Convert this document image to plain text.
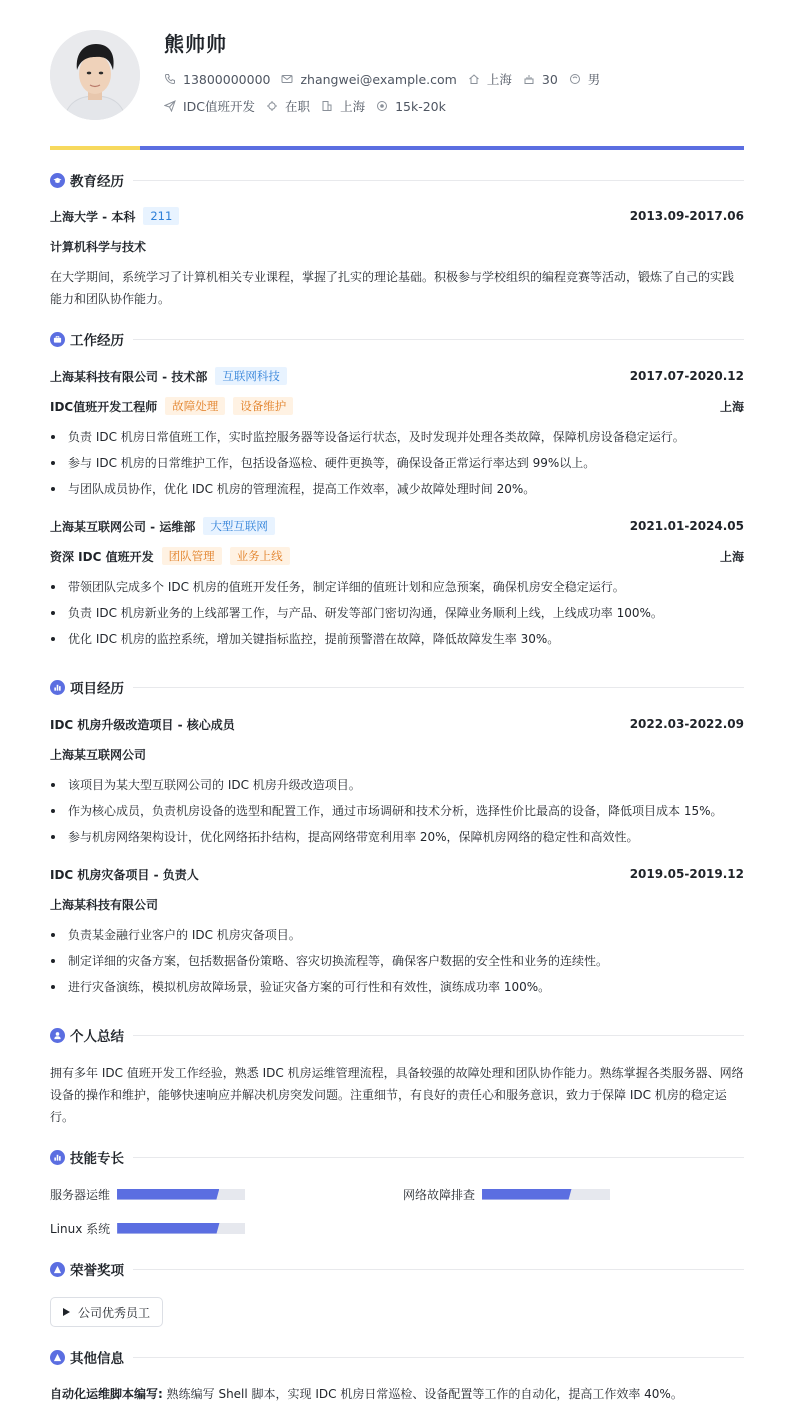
熊帅帅
13800000000 zhangwei@example.com 上海 30 男
IDC值班开发 在职 上海 15k-20k
教育经历
上海大学 - 本科	211	2013.09-2017.06
计算机科学与技术
在大学期间，系统学习了计算机相关专业课程，掌握了扎实的理论基础。积极参与学校组织的编程竞赛等活动，锻炼了自己的实践能力和团队协作能力。
工作经历
上海某科技有限公司 - 技术部	互联网科技	2017.07-2020.12
IDC值班开发工程师	故障处理	设备维护	上海
负责 IDC 机房日常值班工作，实时监控服务器等设备运行状态，及时发现并处理各类故障，保障机房设备稳定运行。
参与 IDC 机房的日常维护工作，包括设备巡检、硬件更换等，确保设备正常运行率达到 99%以上。
与团队成员协作，优化 IDC 机房的管理流程，提高工作效率，减少故障处理时间 20%。
上海某互联网公司 - 运维部	大型互联网	2021.01-2024.05
资深 IDC 值班开发	团队管理	业务上线	上海
带领团队完成多个 IDC 机房的值班开发任务，制定详细的值班计划和应急预案，确保机房安全稳定运行。
负责 IDC 机房新业务的上线部署工作，与产品、研发等部门密切沟通，保障业务顺利上线，上线成功率 100%。
优化 IDC 机房的监控系统，增加关键指标监控，提前预警潜在故障，降低故障发生率 30%。
项目经历
IDC 机房升级改造项目 - 核心成员	2022.03-2022.09
上海某互联网公司
该项目为某大型互联网公司的 IDC 机房升级改造项目。
作为核心成员，负责机房设备的选型和配置工作，通过市场调研和技术分析，选择性价比最高的设备，降低项目成本 15%。
参与机房网络架构设计，优化网络拓扑结构，提高网络带宽利用率 20%，保障机房网络的稳定性和高效性。
IDC 机房灾备项目 - 负责人	2019.05-2019.12
上海某科技有限公司
负责某金融行业客户的 IDC 机房灾备项目。
制定详细的灾备方案，包括数据备份策略、容灾切换流程等，确保客户数据的安全性和业务的连续性。
进行灾备演练，模拟机房故障场景，验证灾备方案的可行性和有效性，演练成功率 100%。
个人总结
拥有多年 IDC 值班开发工作经验，熟悉 IDC 机房运维管理流程，具备较强的故障处理和团队协作能力。熟练掌握各类服务器、网络设备的操作和维护，能够快速响应并解决机房突发问题。注重细节，有良好的责任心和服务意识，致力于保障 IDC 机房的稳定运行。
技能专长
服务器运维	网络故障排查
Linux 系统
荣誉奖项
公司优秀员工
其他信息
自动化运维脚本编写: 熟练编写 Shell 脚本，实现 IDC 机房日常巡检、设备配置等工作的自动化，提高工作效率 40%。
